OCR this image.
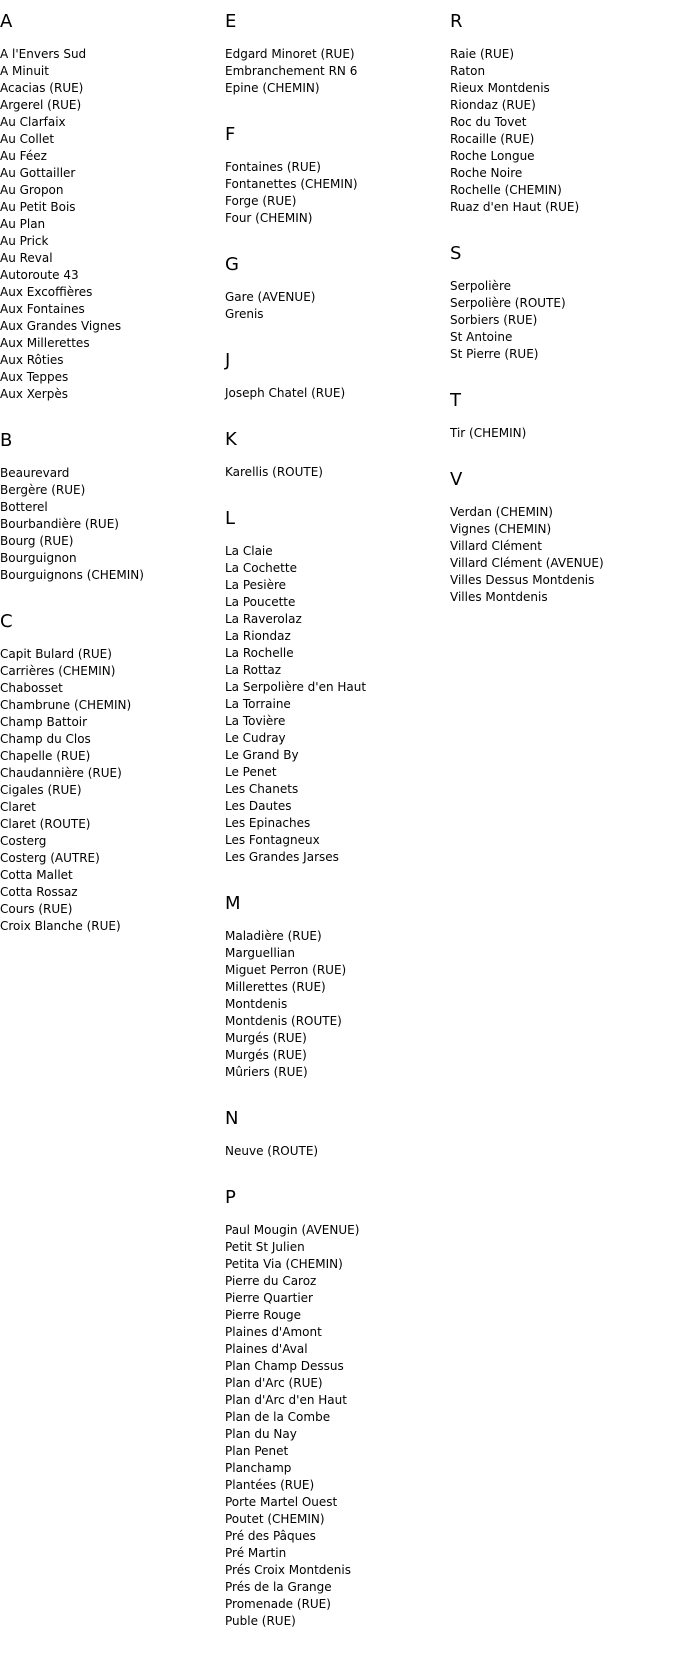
A
A l'Envers Sud
A Minuit
Acacias (RUE)
Argerel (RUE)
Au Clarfaix
Au Collet
Au Féez
Au Gottailler
Au Gropon
Au Petit Bois
Au Plan
Au Prick
Au Reval
Autoroute 43
Aux Excoffières
Aux Fontaines
Aux Grandes Vignes
Aux Millerettes
Aux Rôties
Aux Teppes
Aux Xerpès
B
Beaurevard
Bergère (RUE)
Botterel
Bourbandière (RUE)
Bourg (RUE)
Bourguignon
Bourguignons (CHEMIN)
C
Capit Bulard (RUE)
Carrières (CHEMIN)
Chabosset
Chambrune (CHEMIN)
Champ Battoir
Champ du Clos
Chapelle (RUE)
Chaudannière (RUE)
Cigales (RUE)
Claret
Claret (ROUTE)
Costerg
Costerg (AUTRE)
Cotta Mallet
Cotta Rossaz
Cours (RUE)
Croix Blanche (RUE)
E
Edgard Minoret (RUE)
Embranchement RN 6
Epine (CHEMIN)
F
Fontaines (RUE)
Fontanettes (CHEMIN)
Forge (RUE)
Four (CHEMIN)
G
Gare (AVENUE)
Grenis
J
Joseph Chatel (RUE)
K
Karellis (ROUTE)
L
La Claie
La Cochette
La Pesière
La Poucette
La Raverolaz
La Riondaz
La Rochelle
La Rottaz
La Serpolière d'en Haut
La Torraine
La Tovière
Le Cudray
Le Grand By
Le Penet
Les Chanets
Les Dautes
Les Epinaches
Les Fontagneux
Les Grandes Jarses
M
Maladière (RUE)
Marguellian
Miguet Perron (RUE)
Millerettes (RUE)
Montdenis
Montdenis (ROUTE)
Murgés (RUE)
Murgés (RUE)
Mûriers (RUE)
N
Neuve (ROUTE)
P
Paul Mougin (AVENUE)
Petit St Julien
Petita Via (CHEMIN)
Pierre du Caroz
Pierre Quartier
Pierre Rouge
Plaines d'Amont
Plaines d'Aval
Plan Champ Dessus
Plan d'Arc (RUE)
Plan d'Arc d'en Haut
Plan de la Combe
Plan du Nay
Plan Penet
Planchamp
Plantées (RUE)
Porte Martel Ouest
Poutet (CHEMIN)
Pré des Pâques
Pré Martin
Prés Croix Montdenis
Prés de la Grange
Promenade (RUE)
Puble (RUE)
R
Raie (RUE)
Raton
Rieux Montdenis
Riondaz (RUE)
Roc du Tovet
Rocaille (RUE)
Roche Longue
Roche Noire
Rochelle (CHEMIN)
Ruaz d'en Haut (RUE)
S
Serpolière
Serpolière (ROUTE)
Sorbiers (RUE)
St Antoine
St Pierre (RUE)
T
Tir (CHEMIN)
V
Verdan (CHEMIN)
Vignes (CHEMIN)
Villard Clément
Villard Clément (AVENUE)
Villes Dessus Montdenis
Villes Montdenis
